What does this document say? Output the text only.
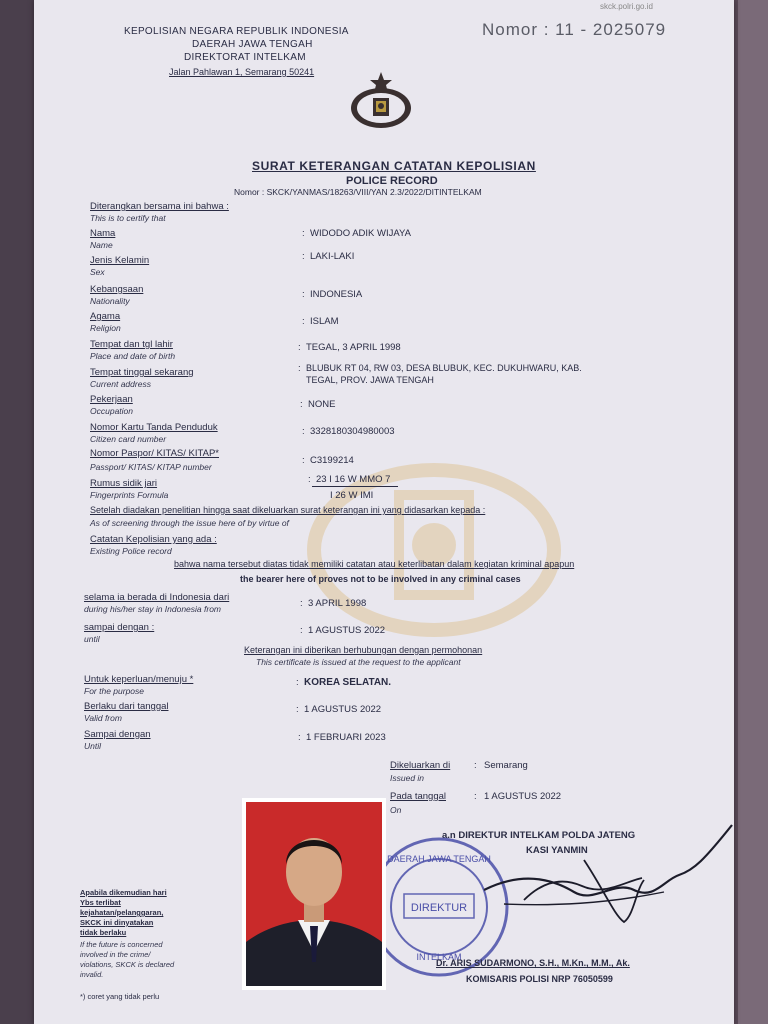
skck.polri.go.id
KEPOLISIAN NEGARA REPUBLIK INDONESIA
DAERAH JAWA TENGAH
DIREKTORAT INTELKAM
Jalan Pahlawan 1, Semarang 50241
Nomor : 11 - 2025079
SURAT KETERANGAN CATATAN KEPOLISIAN
POLICE RECORD
Nomor : SKCK/YANMAS/18263/VIII/YAN 2.3/2022/DITINTELKAM
Diterangkan bersama ini bahwa :
This is to certify that
Nama
Name
WIDODO ADIK WIJAYA
Jenis Kelamin
Sex
LAKI-LAKI
Kebangsaan
Nationality
INDONESIA
Agama
Religion
ISLAM
Tempat dan tgl lahir
Place and date of birth
TEGAL, 3 APRIL 1998
Tempat tinggal sekarang
Current address
BLUBUK RT 04, RW 03, DESA BLUBUK, KEC. DUKUHWARU, KAB.
TEGAL, PROV. JAWA TENGAH
Pekerjaan
Occupation
NONE
Nomor Kartu Tanda Penduduk
Citizen card number
3328180304980003
Nomor Paspor/ KITAS/ KITAP*
Passport/ KITAS/ KITAP number
C3199214
Rumus sidik jari
Fingerprints Formula
23 I 16 W MMO 7
I 26 W IMI
Setelah diadakan penelitian hingga saat dikeluarkan surat keterangan ini yang didasarkan kepada :
As of screening through the issue here of by virtue of
Catatan Kepolisian yang ada :
Existing Police record
bahwa nama tersebut diatas tidak memiliki catatan atau keterlibatan dalam kegiatan kriminal apapun
the bearer here of proves not to be involved in any criminal cases
selama ia berada di Indonesia dari
during his/her stay in Indonesia from	3 APRIL 1998
sampai dengan :
until
1 AGUSTUS 2022
Keterangan ini diberikan berhubungan dengan permohonan
This certificate is issued at the request to the applicant
Untuk keperluan/menuju *
For the purpose
KOREA SELATAN.
Berlaku dari tanggal
Valid from
1 AGUSTUS 2022
Sampai dengan
Until
1 FEBRUARI 2023
Dikeluarkan di
Issued in
Semarang
Pada tanggal
On
1 AGUSTUS 2022
a.n DIREKTUR INTELKAM POLDA JATENG
KASI YANMIN
DAERAH JAWA TENGAH
DIREKTUR
INTELKAM
Dr. ARIS SUDARMONO, S.H., M.Kn., M.M., Ak.
KOMISARIS POLISI NRP 76050599
Apabila dikemudian hari
Ybs terlibat
kejahatan/pelanggaran,
SKCK ini dinyatakan
tidak berlaku
If the future is concerned
involved in the crime/
violations, SKCK is declared
invalid.
*) coret yang tidak perlu
:
:
:
:
:
:
:
:
:
:
:
:
:
:
:
:
:
